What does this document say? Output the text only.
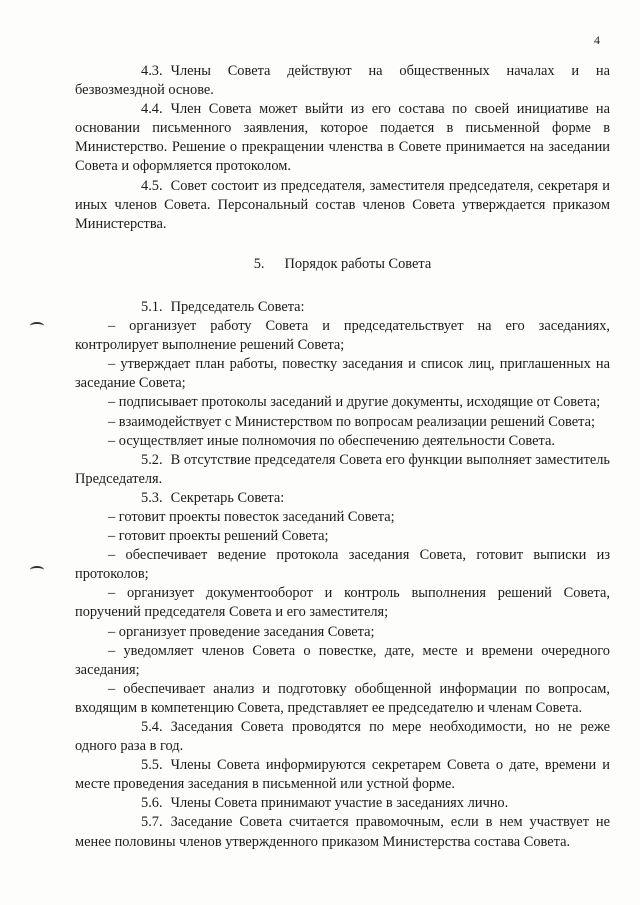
4

4.3. Члены Совета действуют на общественных началах и на безвозмездной основе.

4.4. Член Совета может выйти из его состава по своей инициативе на основании письменного заявления, которое подается в письменной форме в Министерство. Решение о прекращении членства в Совете принимается на заседании Совета и оформляется протоколом.

4.5. Совет состоит из председателя, заместителя председателя, секретаря и иных членов Совета. Персональный состав членов Совета утверждается приказом Министерства.

5. Порядок работы Совета

5.1. Председатель Совета:

– организует работу Совета и председательствует на его заседаниях, контролирует выполнение решений Совета;

– утверждает план работы, повестку заседания и список лиц, приглашенных на заседание Совета;

– подписывает протоколы заседаний и другие документы, исходящие от Совета;

– взаимодействует с Министерством по вопросам реализации решений Совета;

– осуществляет иные полномочия по обеспечению деятельности Совета.

5.2. В отсутствие председателя Совета его функции выполняет заместитель Председателя.

5.3. Секретарь Совета:

– готовит проекты повесток заседаний Совета;

– готовит проекты решений Совета;

– обеспечивает ведение протокола заседания Совета, готовит выписки из протоколов;

– организует документооборот и контроль выполнения решений Совета, поручений председателя Совета и его заместителя;

– организует проведение заседания Совета;

– уведомляет членов Совета о повестке, дате, месте и времени очередного заседания;

– обеспечивает анализ и подготовку обобщенной информации по вопросам, входящим в компетенцию Совета, представляет ее председателю и членам Совета.

5.4. Заседания Совета проводятся по мере необходимости, но не реже одного раза в год.

5.5. Члены Совета информируются секретарем Совета о дате, времени и месте проведения заседания в письменной или устной форме.

5.6. Члены Совета принимают участие в заседаниях лично.

5.7. Заседание Совета считается правомочным, если в нем участвует не менее половины членов утвержденного приказом Министерства состава Совета.
